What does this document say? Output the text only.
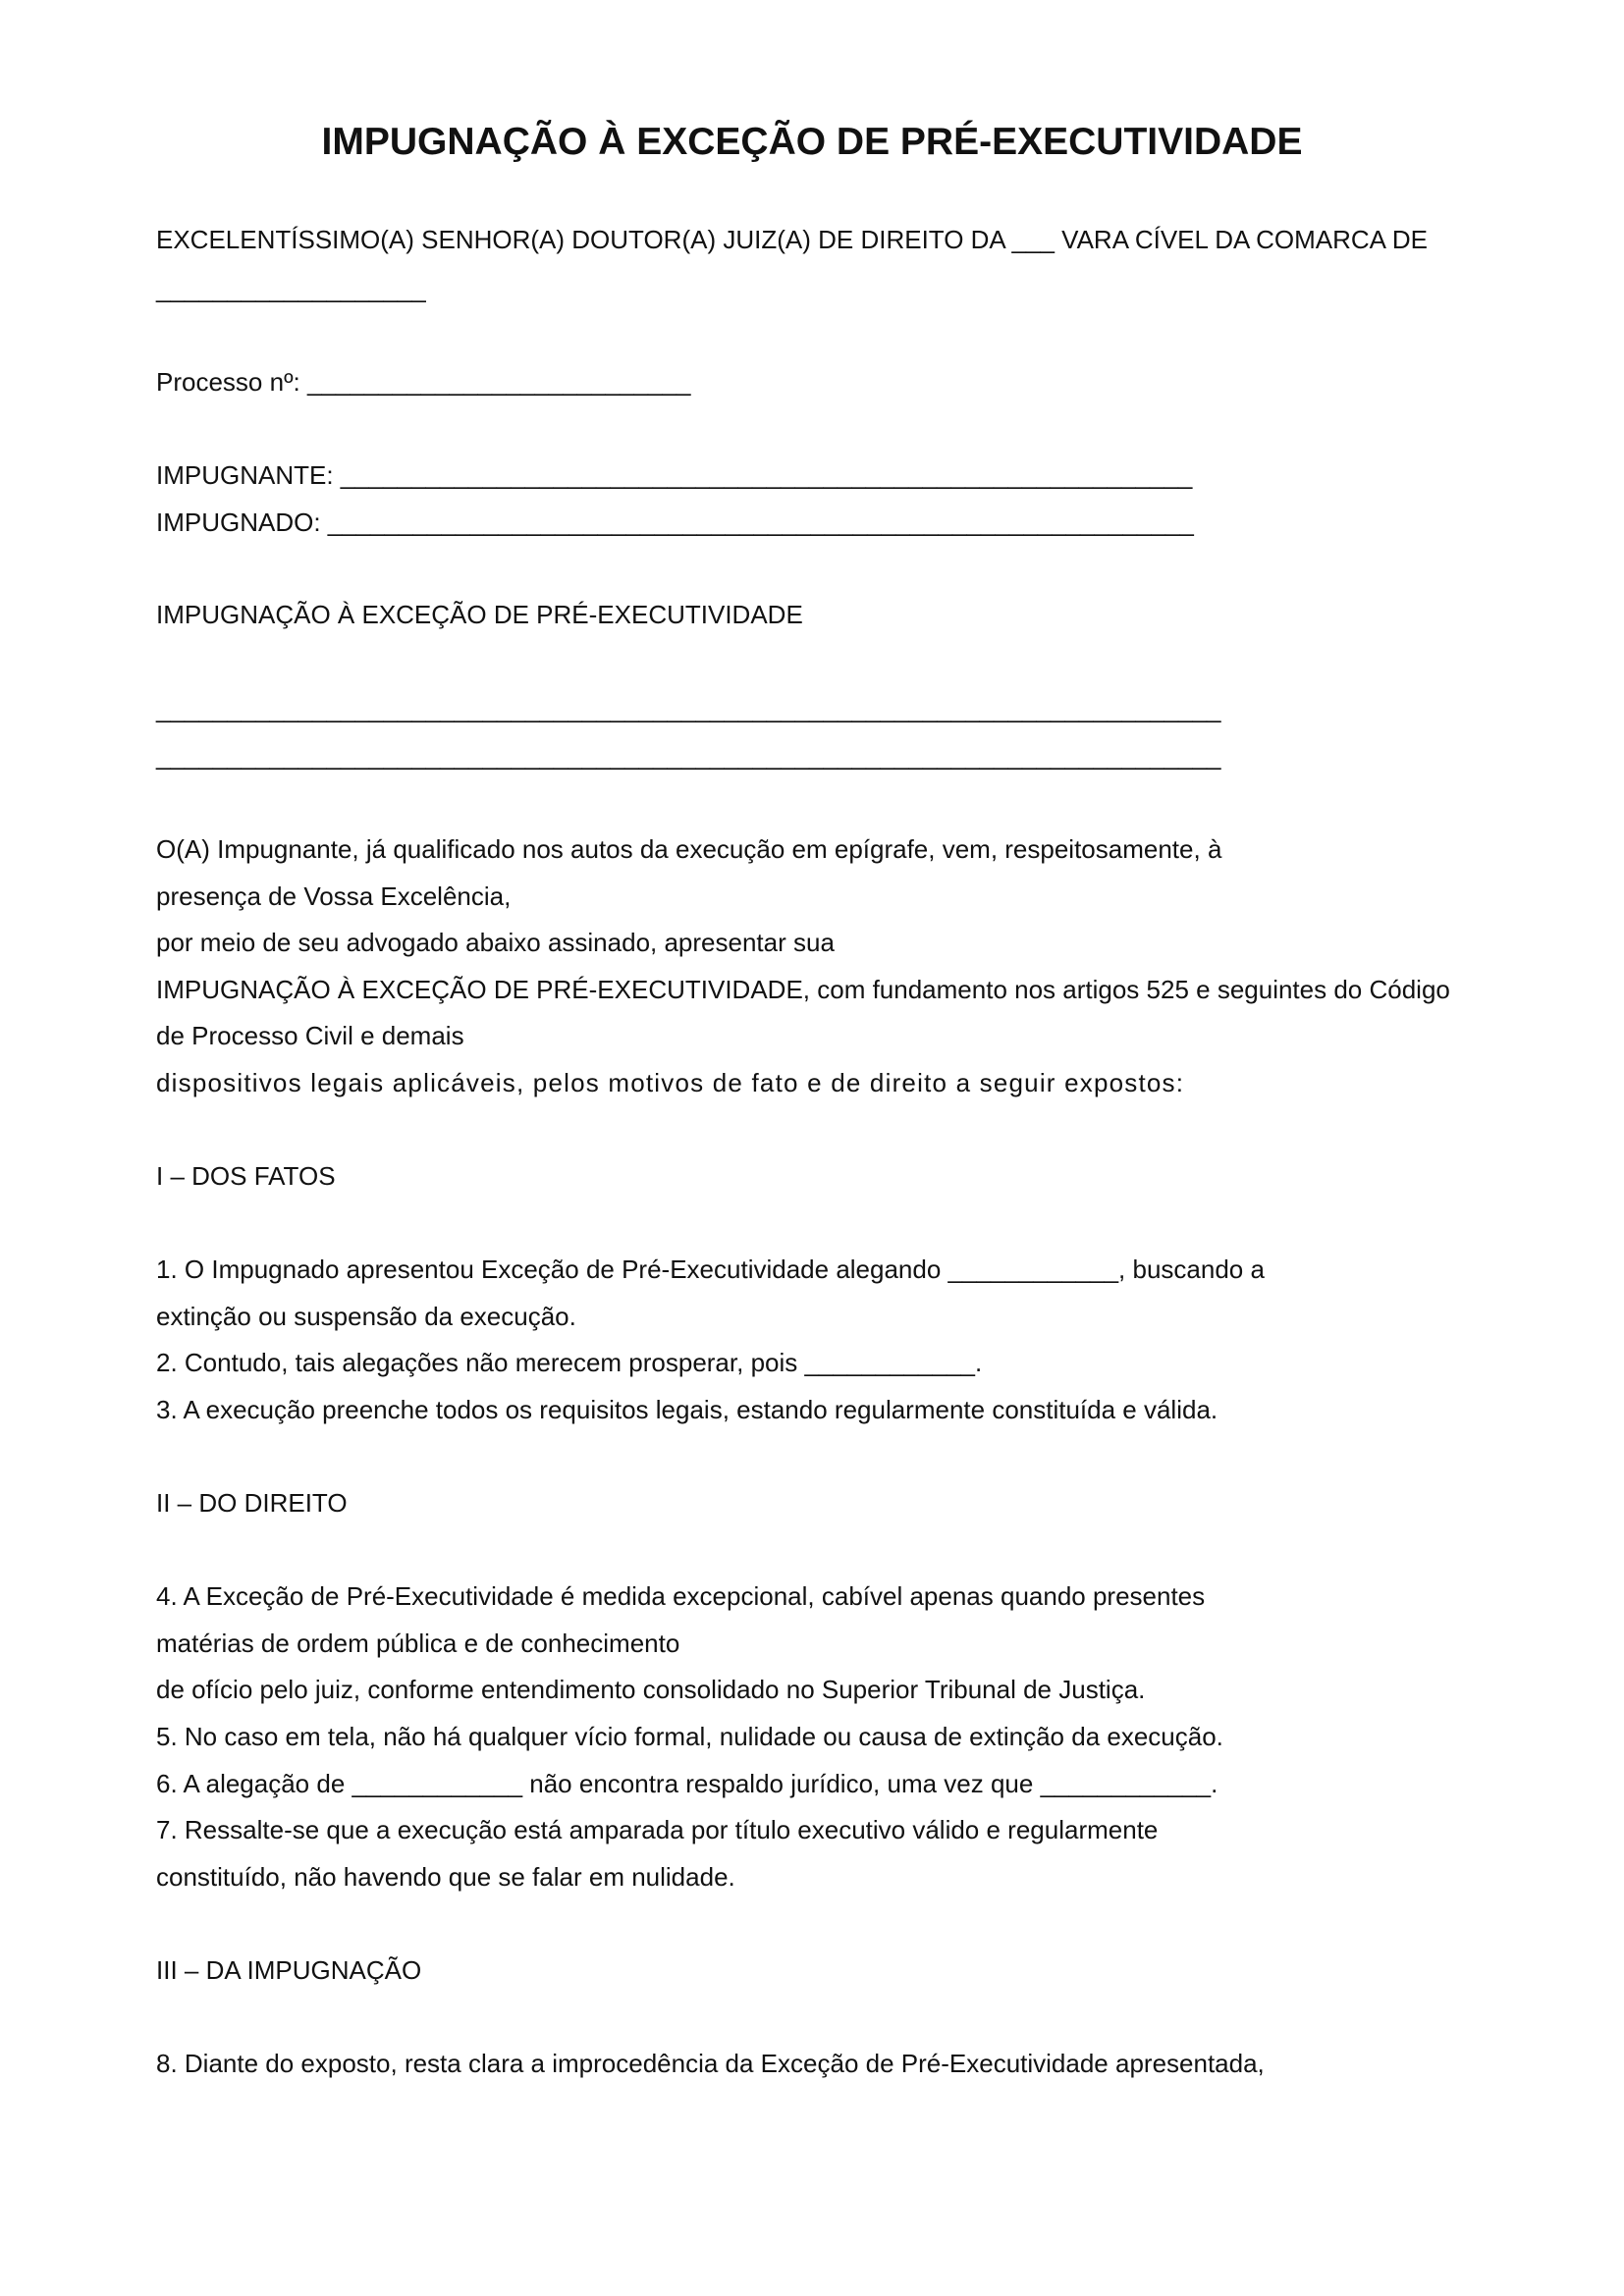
IMPUGNAÇÃO À EXCEÇÃO DE PRÉ-EXECUTIVIDADE

EXCELENTÍSSIMO(A) SENHOR(A) DOUTOR(A) JUIZ(A) DE DIREITO DA ___ VARA CÍVEL DA COMARCA DE

___________________

Processo nº: ___________________________

IMPUGNANTE: ____________________________________________________________

IMPUGNADO: _____________________________________________________________

IMPUGNAÇÃO À EXCEÇÃO DE PRÉ-EXECUTIVIDADE

___________________________________________________________________________

___________________________________________________________________________

O(A) Impugnante, já qualificado nos autos da execução em epígrafe, vem, respeitosamente, à

presença de Vossa Excelência,

por meio de seu advogado abaixo assinado, apresentar sua

IMPUGNAÇÃO À EXCEÇÃO DE PRÉ-EXECUTIVIDADE, com fundamento nos artigos 525 e seguintes do Código

de Processo Civil e demais

dispositivos legais aplicáveis, pelos motivos de fato e de direito a seguir expostos:

I – DOS FATOS

1. O Impugnado apresentou Exceção de Pré-Executividade alegando ____________, buscando a

extinção ou suspensão da execução.

2. Contudo, tais alegações não merecem prosperar, pois ____________.

3. A execução preenche todos os requisitos legais, estando regularmente constituída e válida.

II – DO DIREITO

4. A Exceção de Pré-Executividade é medida excepcional, cabível apenas quando presentes

matérias de ordem pública e de conhecimento

de ofício pelo juiz, conforme entendimento consolidado no Superior Tribunal de Justiça.

5. No caso em tela, não há qualquer vício formal, nulidade ou causa de extinção da execução.

6. A alegação de ____________ não encontra respaldo jurídico, uma vez que ____________.

7. Ressalte-se que a execução está amparada por título executivo válido e regularmente

constituído, não havendo que se falar em nulidade.

III – DA IMPUGNAÇÃO

8. Diante do exposto, resta clara a improcedência da Exceção de Pré-Executividade apresentada,
